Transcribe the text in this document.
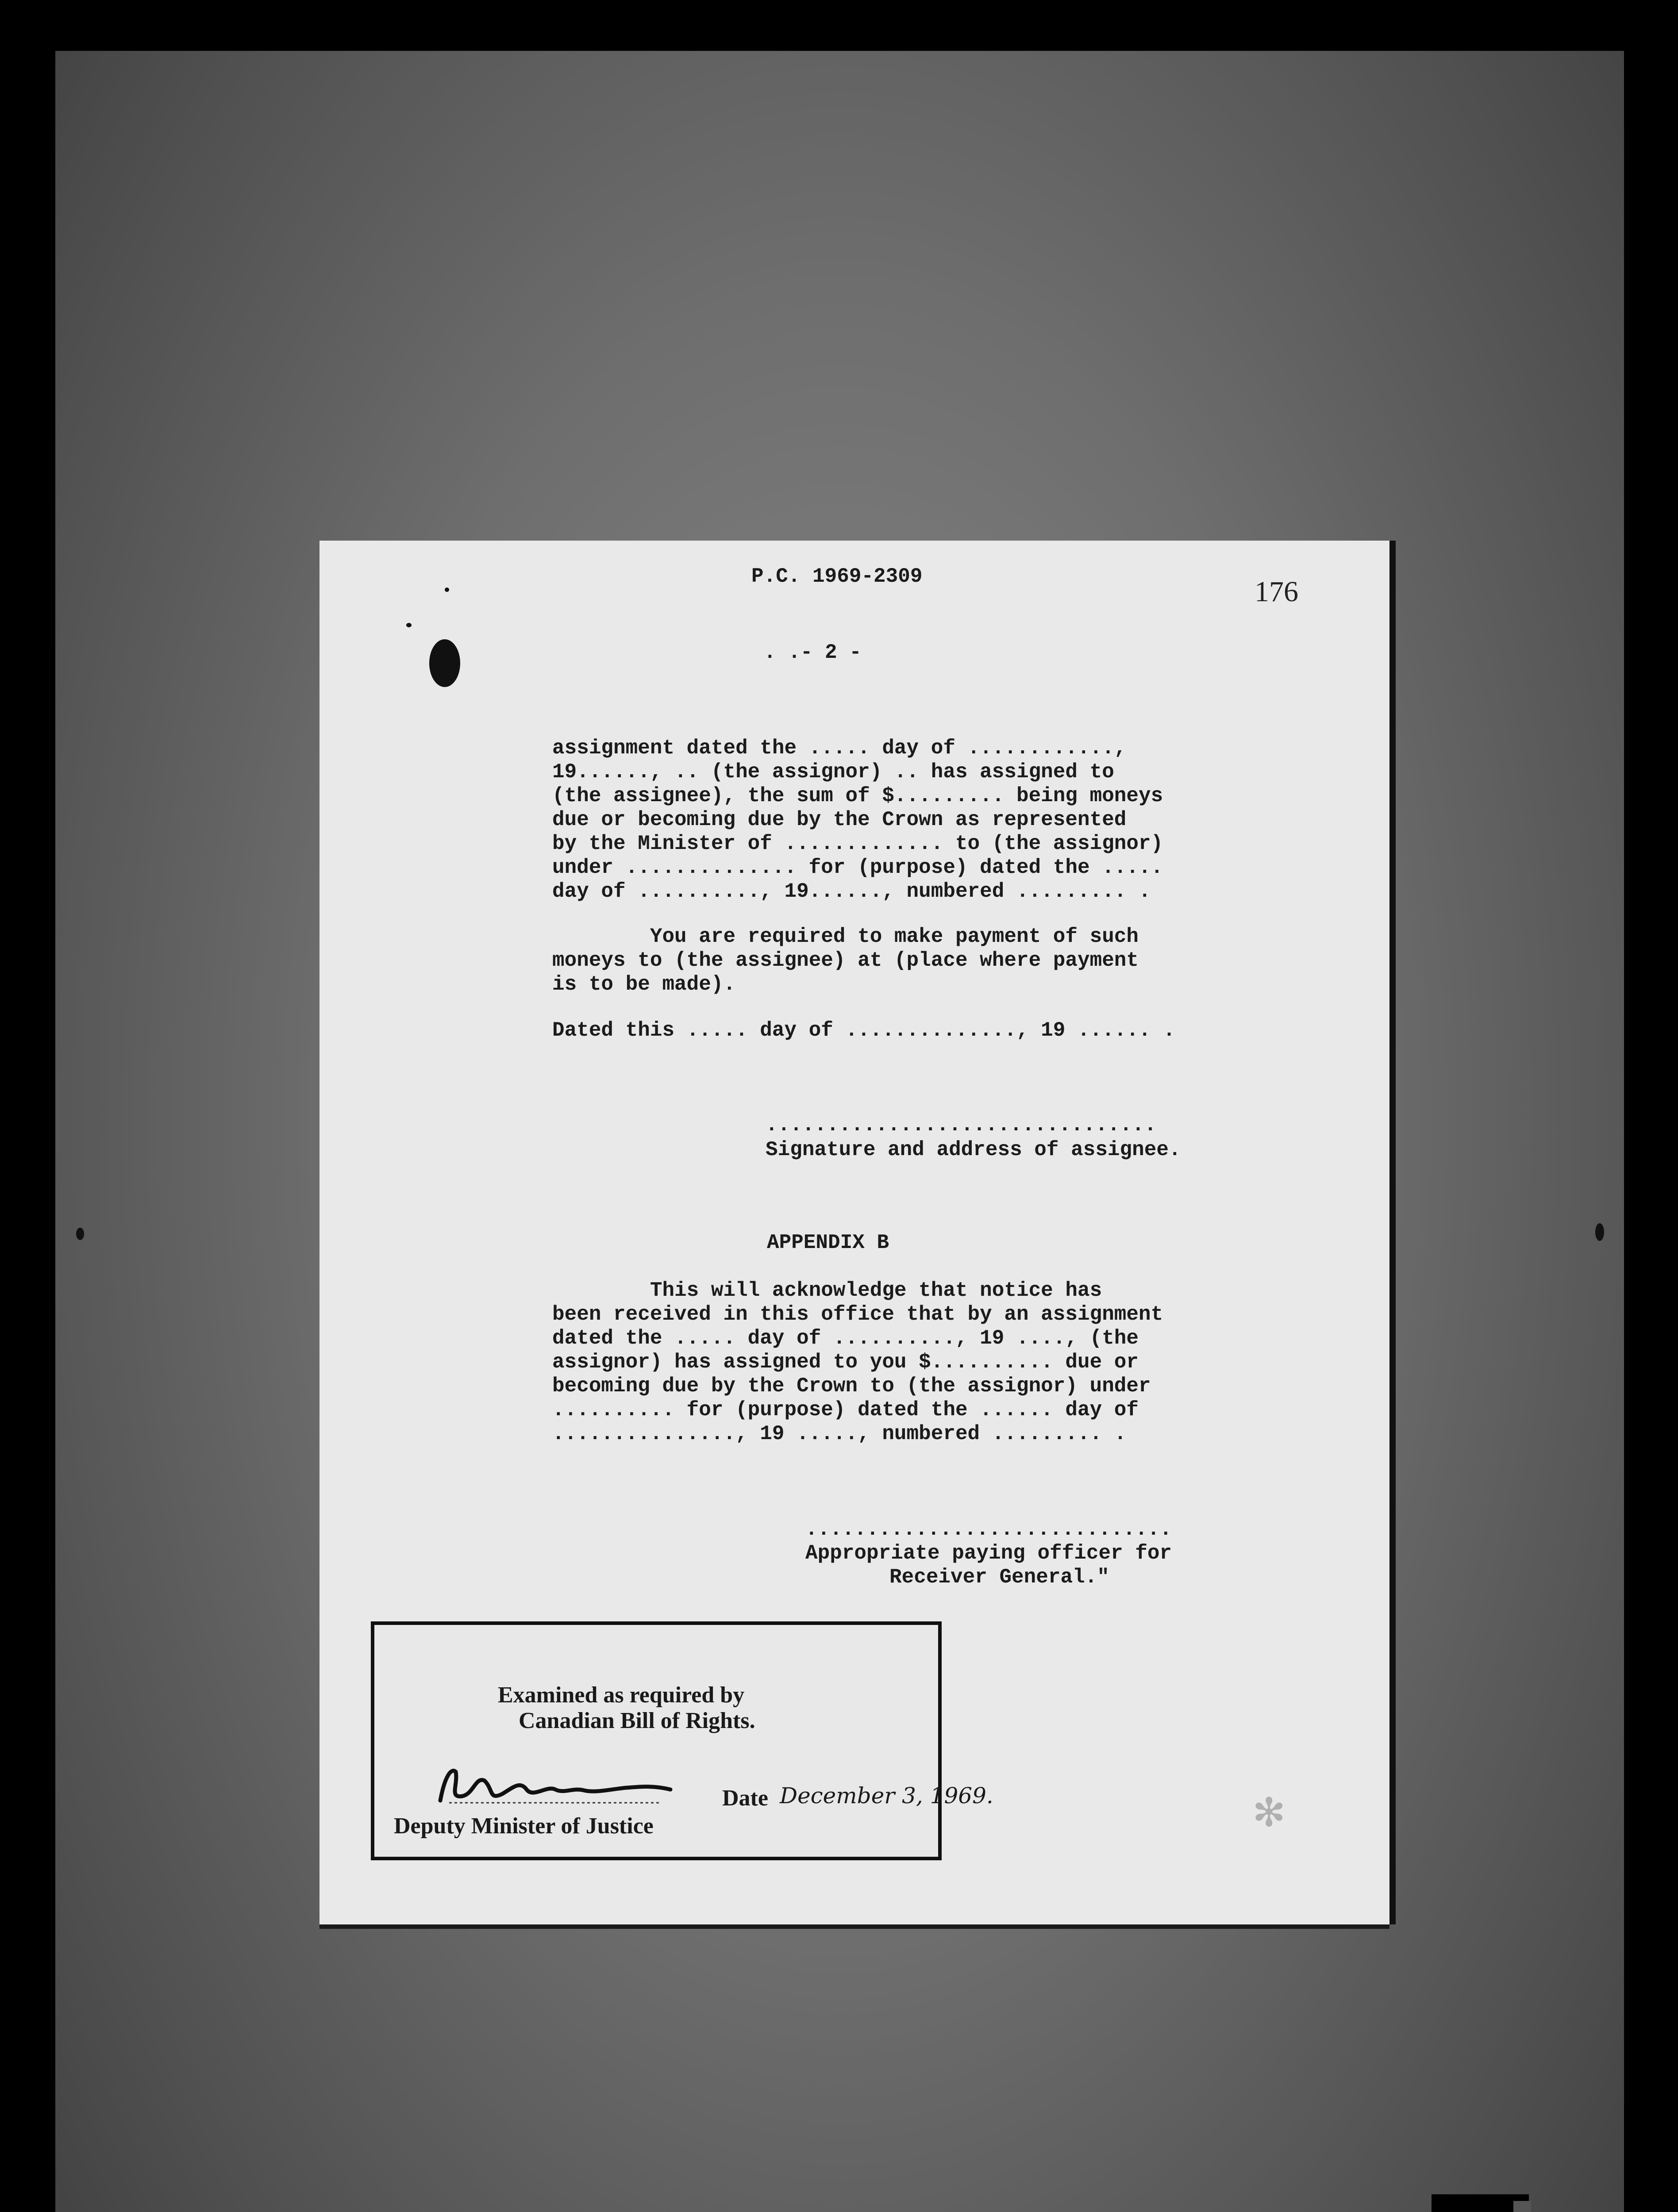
P.C. 1969-2309	176
. .- 2 -
assignment dated the ..... day of ............,
19......, .. (the assignor) .. has assigned to
(the assignee), the sum of $......... being moneys
due or becoming due by the Crown as represented
by the Minister of ............. to (the assignor)
under .............. for (purpose) dated the .....
day of .........., 19......, numbered ......... .
You are required to make payment of such
moneys to (the assignee) at (place where payment
is to be made).
Dated this ..... day of .............., 19 ...... .
................................
Signature and address of assignee.
APPENDIX B
This will acknowledge that notice has
been received in this office that by an assignment
dated the ..... day of .........., 19 ...., (the
assignor) has assigned to you $.......... due or
becoming due by the Crown to (the assignor) under
.......... for (purpose) dated the ...... day of
..............., 19 ....., numbered ......... .
..............................
Appropriate paying officer for
Receiver General."
Examined as required by
Canadian Bill of Rights.
Date December 3, 1969.
Deputy Minister of Justice	✻
